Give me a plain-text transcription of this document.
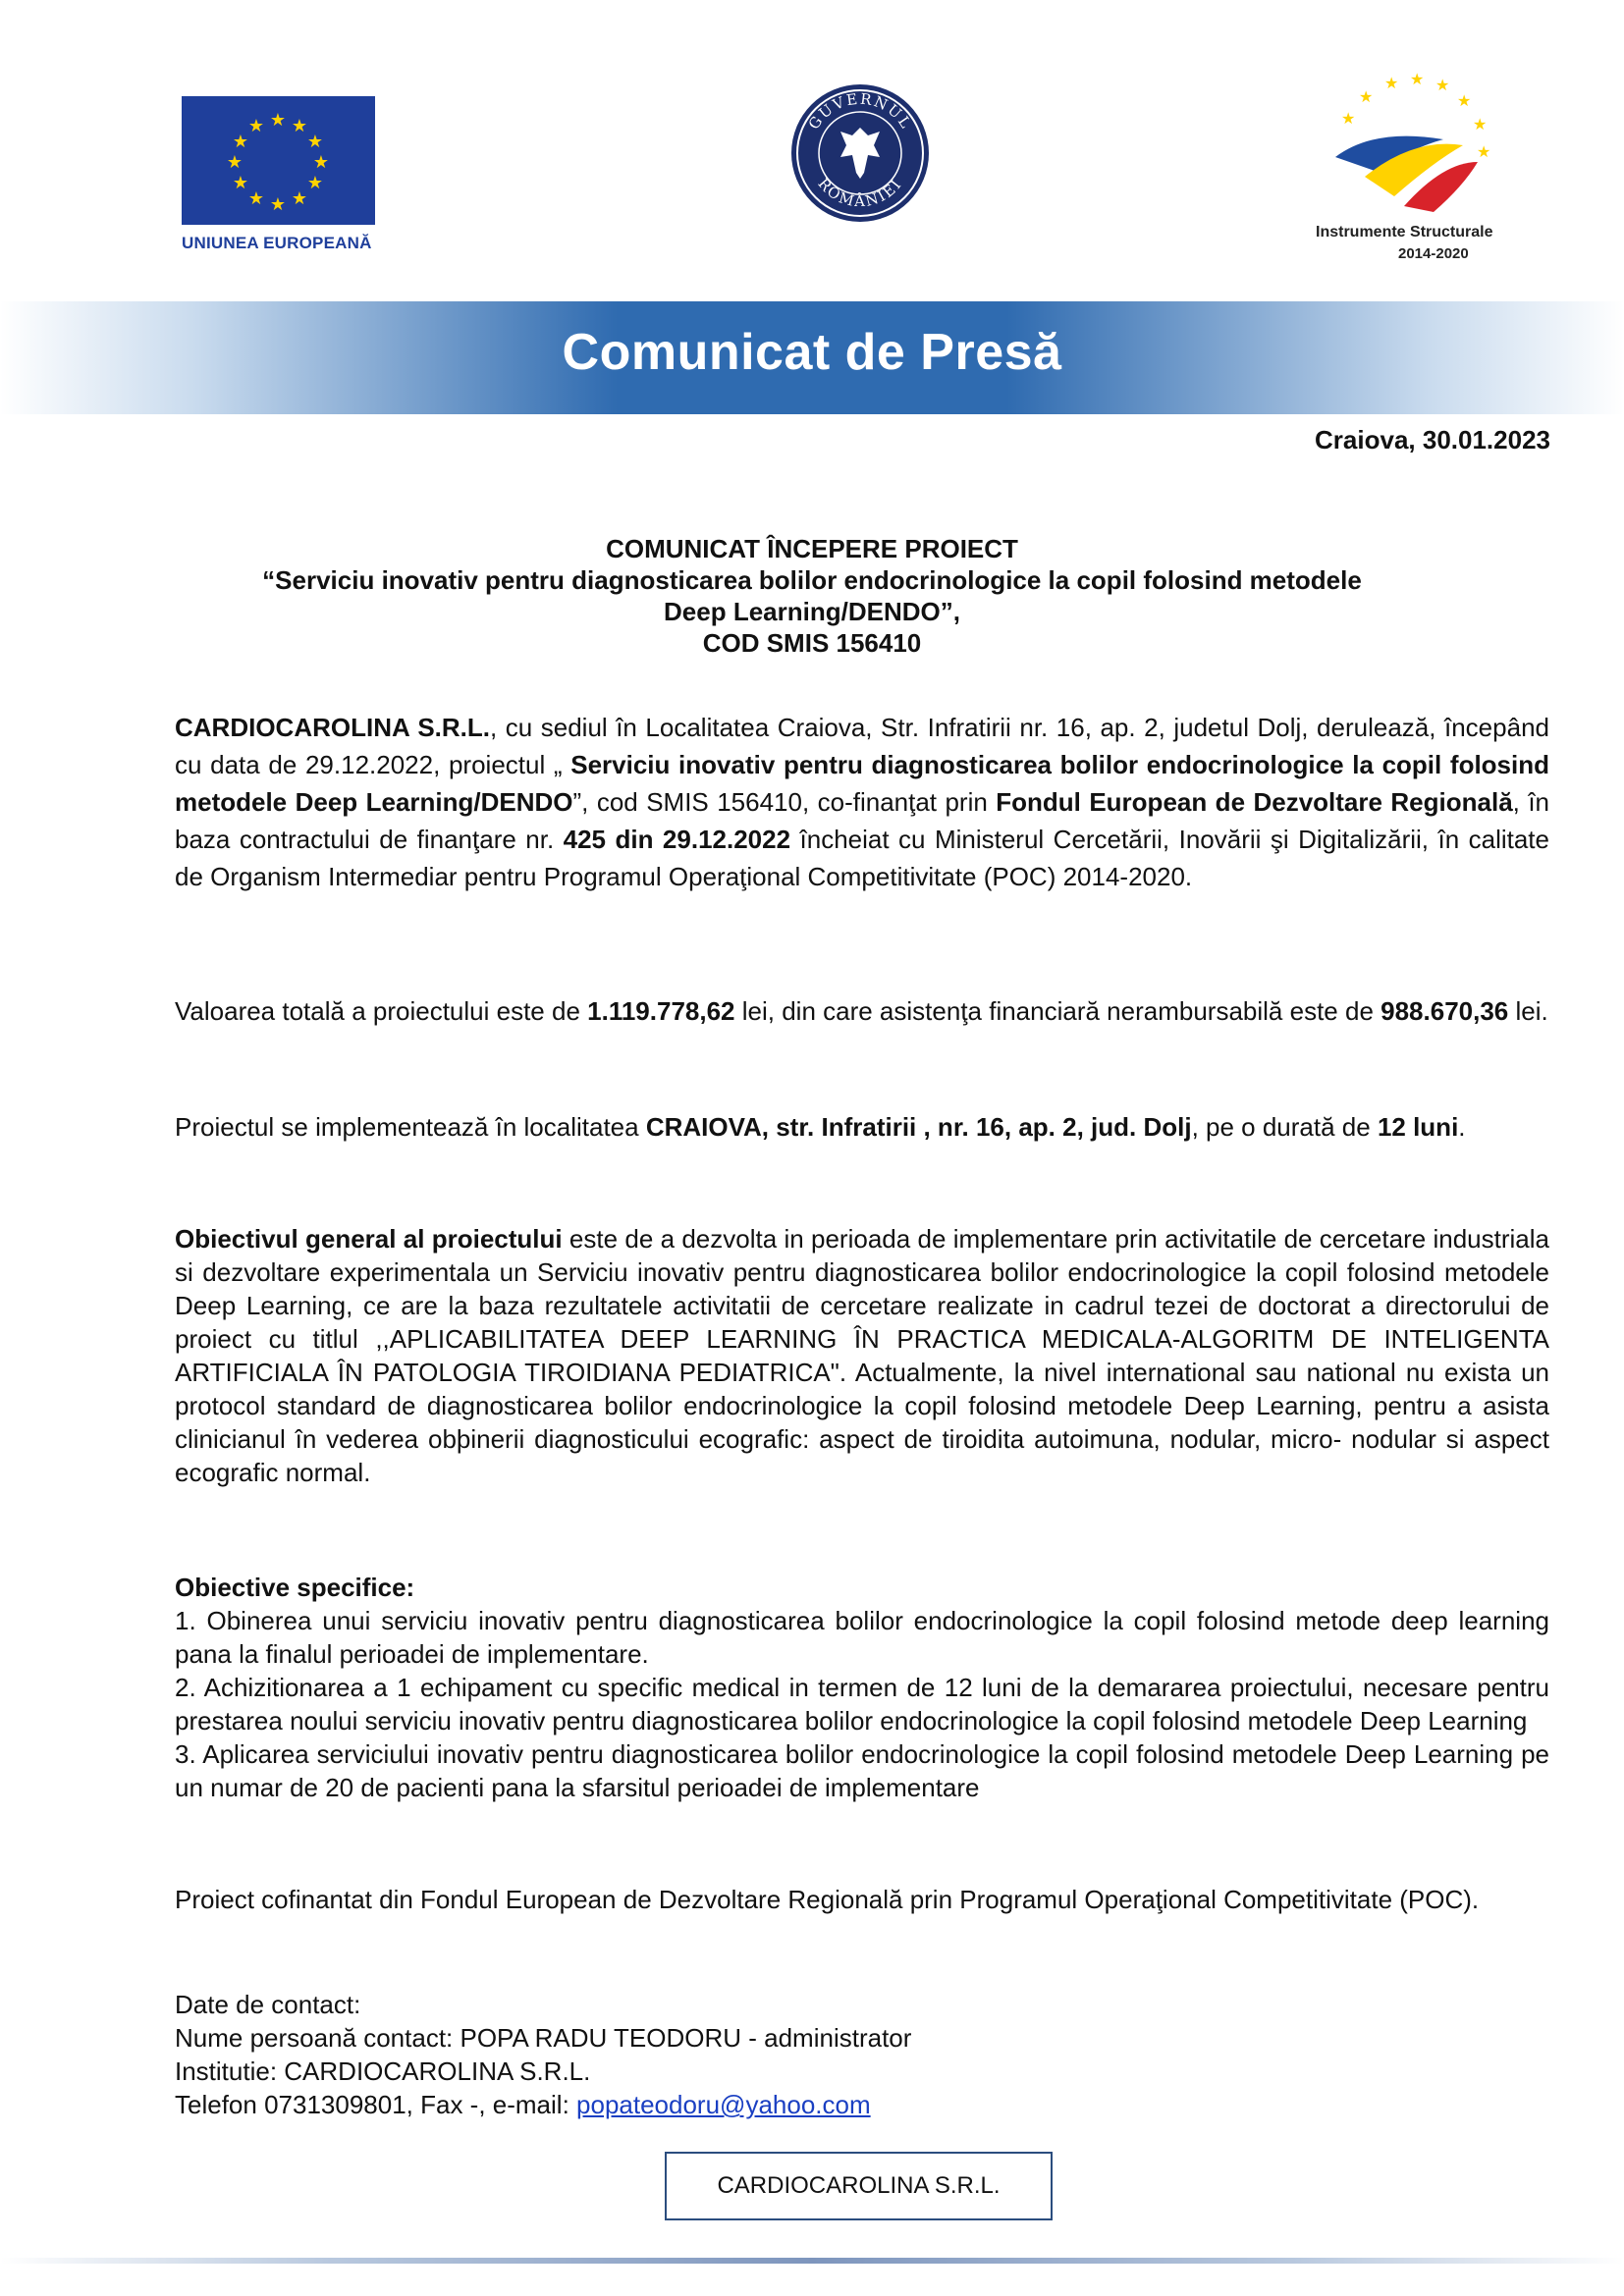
★ ★
★
★
★
★
★
★
★
★
★
★
UNIUNEA EUROPEANĂ
GUVERNUL
ROMÂNIEI
★ ★ ★
★
★
★
★
★
Instrumente Structurale
2014-2020
Comunicat de Presă
Craiova, 30.01.2023
COMUNICAT ÎNCEPERE PROIECT
“Serviciu inovativ pentru diagnosticarea bolilor endocrinologice la copil folosind metodele
Deep Learning/DENDO”,
COD SMIS 156410
CARDIOCAROLINA S.R.L., cu sediul în Localitatea Craiova, Str. Infratirii nr. 16, ap. 2, judetul Dolj, derulează, începând cu data de 29.12.2022, proiectul „ Serviciu inovativ pentru diagnosticarea bolilor endocrinologice la copil folosind metodele Deep Learning/DENDO”, cod SMIS 156410, co-finanţat prin Fondul European de Dezvoltare Regională, în baza contractului de finanţare nr. 425 din 29.12.2022 încheiat cu Ministerul Cercetării, Inovării şi Digitalizării, în calitate de Organism Intermediar pentru Programul Operaţional Competitivitate (POC) 2014-2020.
Valoarea totală a proiectului este de 1.119.778,62 lei, din care asistenţa financiară nerambursabilă este de 988.670,36 lei.
Proiectul se implementează în localitatea CRAIOVA, str. Infratirii , nr. 16, ap. 2, jud. Dolj, pe o durată de 12 luni.
Obiectivul general al proiectului este de a dezvolta in perioada de implementare prin activitatile de cercetare industriala si dezvoltare experimentala un Serviciu inovativ pentru diagnosticarea bolilor endocrinologice la copil folosind metodele Deep Learning, ce are la baza rezultatele activitatii de cercetare realizate in cadrul tezei de doctorat a directorului de proiect cu titlul ,,APLICABILITATEA DEEP LEARNING ÎN PRACTICA MEDICALA-ALGORITM DE INTELIGENTA ARTIFICIALA ÎN PATOLOGIA TIROIDIANA PEDIATRICA". Actualmente, la nivel international sau national nu exista un protocol standard de diagnosticarea bolilor endocrinologice la copil folosind metodele Deep Learning, pentru a asista clinicianul în vederea obþinerii diagnosticului ecografic: aspect de tiroidita autoimuna, nodular, micro- nodular si aspect ecografic normal.
Obiective specifice:
1. Obinerea unui serviciu inovativ pentru diagnosticarea bolilor endocrinologice la copil folosind metode deep learning pana la finalul perioadei de implementare.
2. Achizitionarea a 1 echipament cu specific medical in termen de 12 luni de la demararea proiectului, necesare pentru prestarea noului serviciu inovativ pentru diagnosticarea bolilor endocrinologice la copil folosind metodele Deep Learning
3. Aplicarea serviciului inovativ pentru diagnosticarea bolilor endocrinologice la copil folosind metodele Deep Learning pe un numar de 20 de pacienti pana la sfarsitul perioadei de implementare
Proiect cofinantat din Fondul European de Dezvoltare Regională prin Programul Operaţional Competitivitate (POC).
Date de contact:
Nume persoană contact: POPA RADU TEODORU - administrator
Institutie: CARDIOCAROLINA S.R.L.
Telefon 0731309801, Fax -, e-mail: popateodoru@yahoo.com
CARDIOCAROLINA S.R.L.
